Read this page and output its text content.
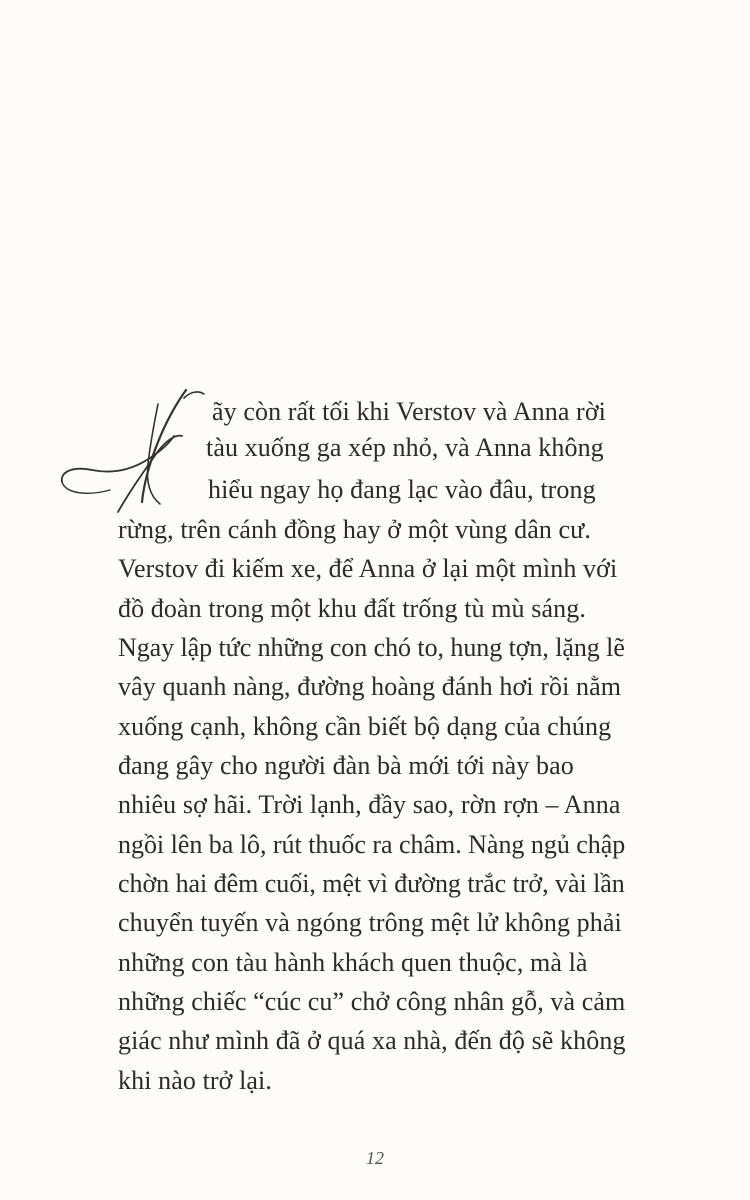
ãy còn rất tối khi Verstov và Anna rời
tàu xuống ga xép nhỏ, và Anna không
hiểu ngay họ đang lạc vào đâu, trong
rừng, trên cánh đồng hay ở một vùng dân cư.
Verstov đi kiếm xe, để Anna ở lại một mình với
đồ đoàn trong một khu đất trống tù mù sáng.
Ngay lập tức những con chó to, hung tợn, lặng lẽ
vây quanh nàng, đường hoàng đánh hơi rồi nằm
xuống cạnh, không cần biết bộ dạng của chúng
đang gây cho người đàn bà mới tới này bao
nhiêu sợ hãi. Trời lạnh, đầy sao, rờn rợn – Anna
ngồi lên ba lô, rút thuốc ra châm. Nàng ngủ chập
chờn hai đêm cuối, mệt vì đường trắc trở, vài lần
chuyển tuyến và ngóng trông mệt lử không phải
những con tàu hành khách quen thuộc, mà là
những chiếc “cúc cu” chở công nhân gỗ, và cảm
giác như mình đã ở quá xa nhà, đến độ sẽ không
khi nào trở lại.
12
